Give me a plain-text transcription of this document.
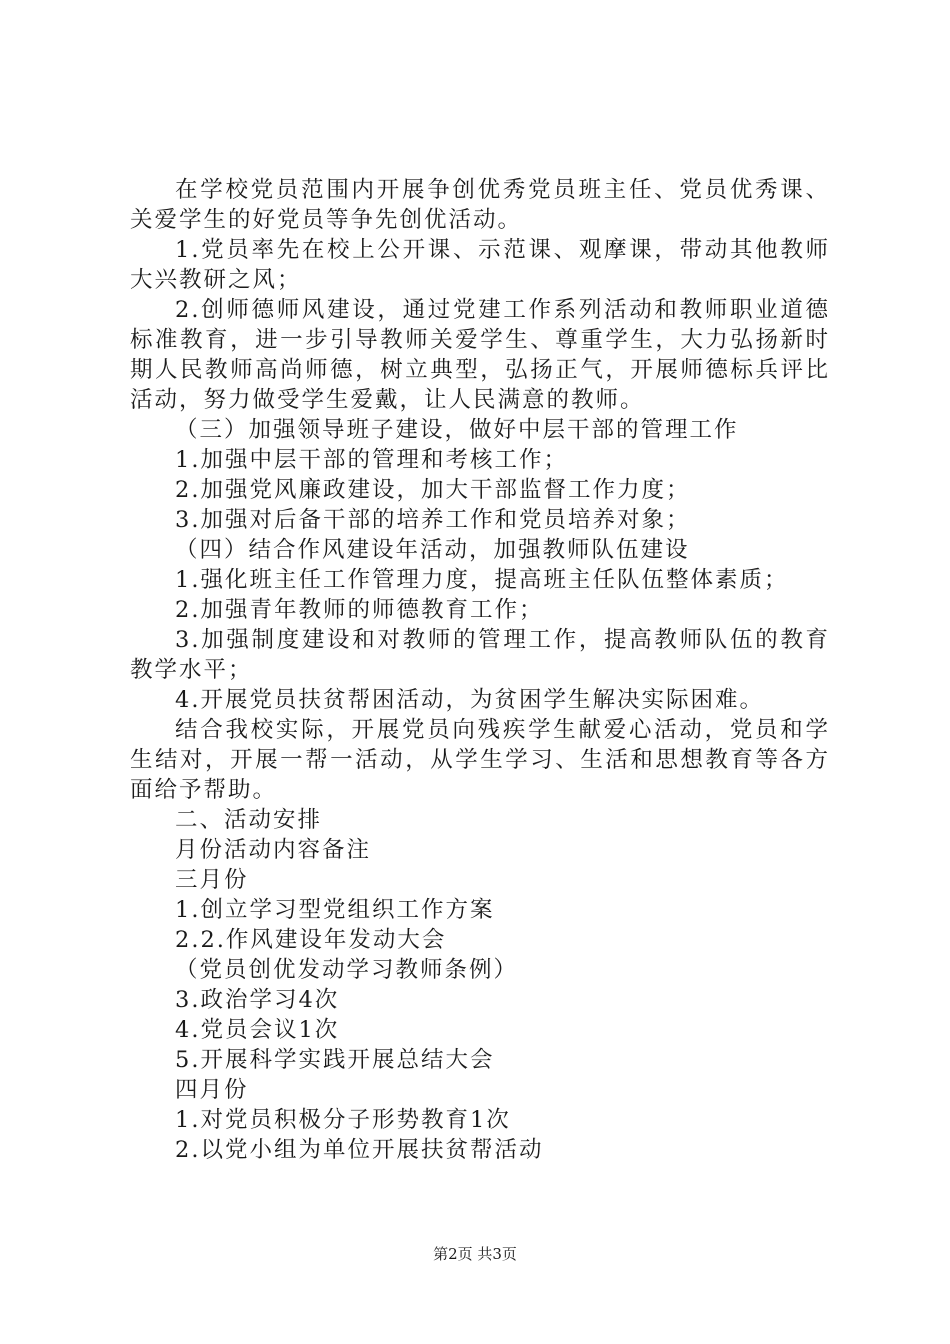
在学校党员范围内开展争创优秀党员班主任、党员优秀课、关爱学生的好党员等争先创优活动。

1.党员率先在校上公开课、示范课、观摩课，带动其他教师大兴教研之风；

2.创师德师风建设，通过党建工作系列活动和教师职业道德标准教育，进一步引导教师关爱学生、尊重学生，大力弘扬新时期人民教师高尚师德，树立典型，弘扬正气，开展师德标兵评比活动，努力做受学生爱戴，让人民满意的教师。

（三）加强领导班子建设，做好中层干部的管理工作

1.加强中层干部的管理和考核工作；

2.加强党风廉政建设，加大干部监督工作力度；

3.加强对后备干部的培养工作和党员培养对象；

（四）结合作风建设年活动，加强教师队伍建设

1.强化班主任工作管理力度，提高班主任队伍整体素质；

2.加强青年教师的师德教育工作；

3.加强制度建设和对教师的管理工作，提高教师队伍的教育教学水平；

4.开展党员扶贫帮困活动，为贫困学生解决实际困难。

结合我校实际，开展党员向残疾学生献爱心活动，党员和学生结对，开展一帮一活动，从学生学习、生活和思想教育等各方面给予帮助。

二、活动安排

月份活动内容备注

三月份

1.创立学习型党组织工作方案

2.2.作风建设年发动大会

（党员创优发动学习教师条例）

3.政治学习4次

4.党员会议1次

5.开展科学实践开展总结大会

四月份

1.对党员积极分子形势教育1次

2.以党小组为单位开展扶贫帮活动

第2页 共3页
